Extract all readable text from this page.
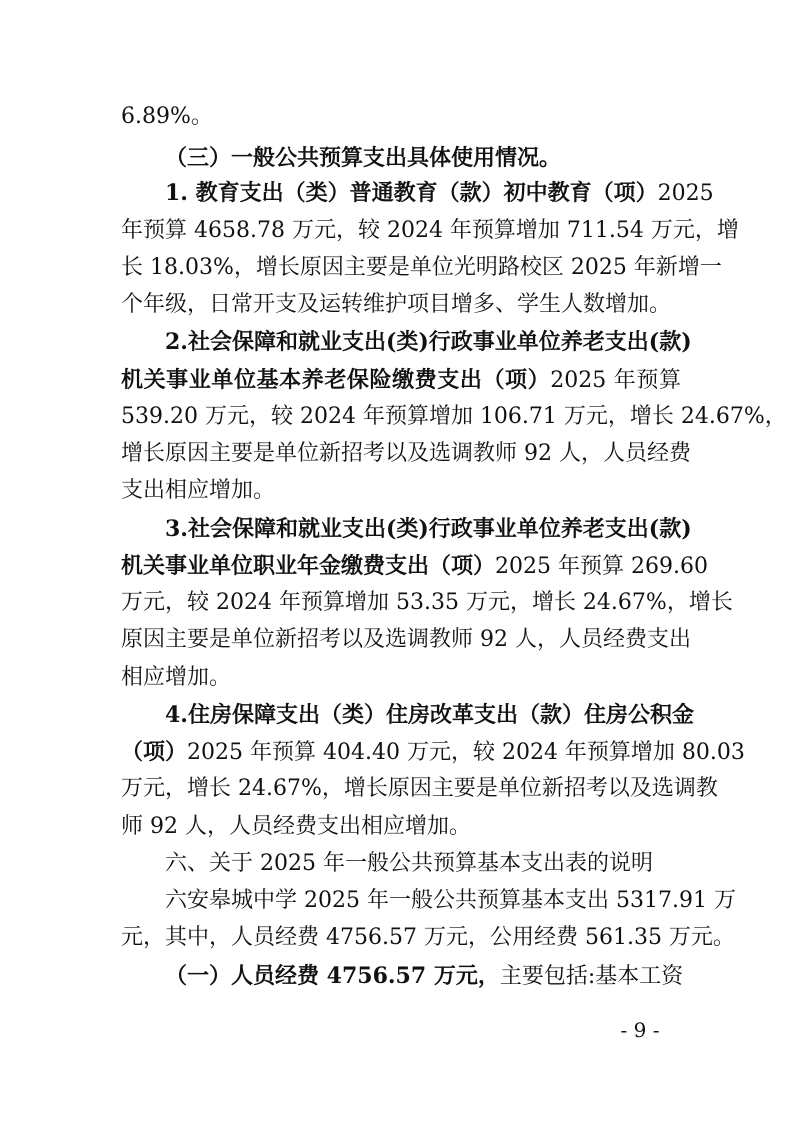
6.89%。
（三）一般公共预算支出具体使用情况。
1. 教育支出（类）普通教育（款）初中教育（项）2025
年预算 4658.78 万元，较 2024 年预算增加 711.54 万元，增
长 18.03%，增长原因主要是单位光明路校区 2025 年新增一
个年级，日常开支及运转维护项目增多、学生人数增加。
2.社会保障和就业支出(类)行政事业单位养老支出(款)
机关事业单位基本养老保险缴费支出（项）2025 年预算
539.20 万元，较 2024 年预算增加 106.71 万元，增长 24.67%，
增长原因主要是单位新招考以及选调教师 92 人，人员经费
支出相应增加。
3.社会保障和就业支出(类)行政事业单位养老支出(款)
机关事业单位职业年金缴费支出（项）2025 年预算 269.60
万元，较 2024 年预算增加 53.35 万元，增长 24.67%，增长
原因主要是单位新招考以及选调教师 92 人，人员经费支出
相应增加。
4.住房保障支出（类）住房改革支出（款）住房公积金
（项）2025 年预算 404.40 万元，较 2024 年预算增加 80.03
万元，增长 24.67%，增长原因主要是单位新招考以及选调教
师 92 人，人员经费支出相应增加。
六、关于 2025 年一般公共预算基本支出表的说明
六安皋城中学 2025 年一般公共预算基本支出 5317.91 万
元，其中，人员经费 4756.57 万元，公用经费 561.35 万元。
（一）人员经费 4756.57 万元，主要包括:基本工资
- 9 -
